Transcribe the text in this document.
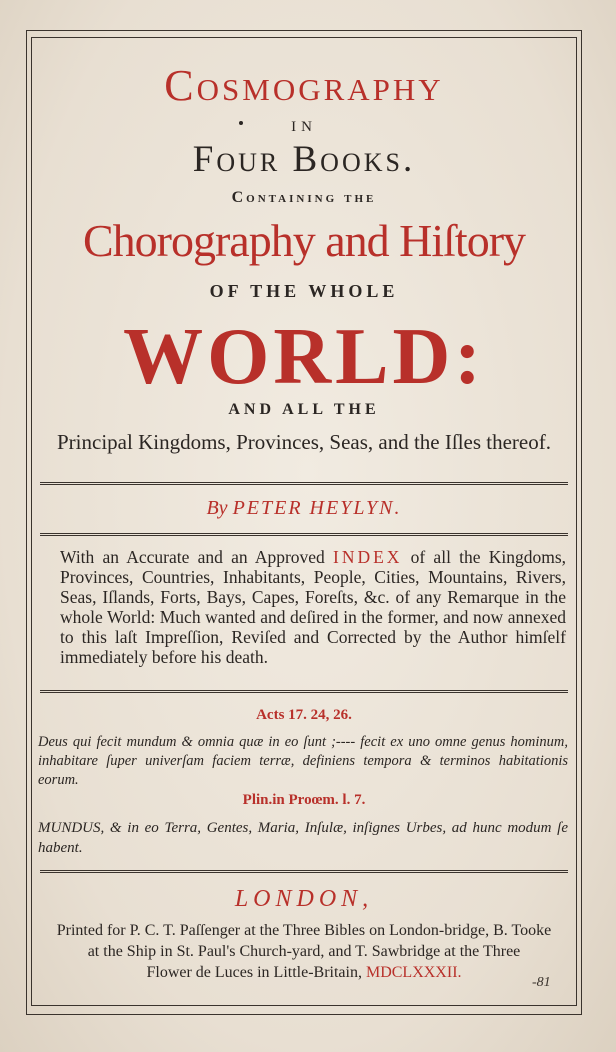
Cosmography
in
Four Books.
Containing the
Chorography and Hiſtory
OF THE WHOLE
WORLD:
AND ALL THE
Principal Kingdoms, Provinces, Seas, and the Iſles thereof.
By PETER HEYLYN.
With an Accurate and an Approved INDEX of all the Kingdoms, Provinces, Countries, Inhabitants, People, Cities, Mountains, Rivers, Seas, Iſlands, Forts, Bays, Capes, Foreſts, &c. of any Remarque in the whole World: Much wanted and deſired in the former, and now annexed to this laſt Impreſſion, Reviſed and Corrected by the Author himſelf immediately before his death.
Acts 17. 24, 26.
Deus qui fecit mundum & omnia quæ in eo ſunt ;---- fecit ex uno omne genus hominum, inhabitare ſuper univerſam faciem terræ, definiens tempora & terminos habitationis eorum.
Plin.in Proœm. l. 7.
MUNDUS, & in eo Terra, Gentes, Maria, Inſulæ, inſignes Urbes, ad hunc modum ſe habent.
LONDON,
Printed for P. C. T. Paſſenger at the Three Bibles on London-bridge, B. Tooke
at the Ship in St. Paul's Church-yard, and T. Sawbridge at the Three
Flower de Luces in Little-Britain, MDCLXXXII.
-81
